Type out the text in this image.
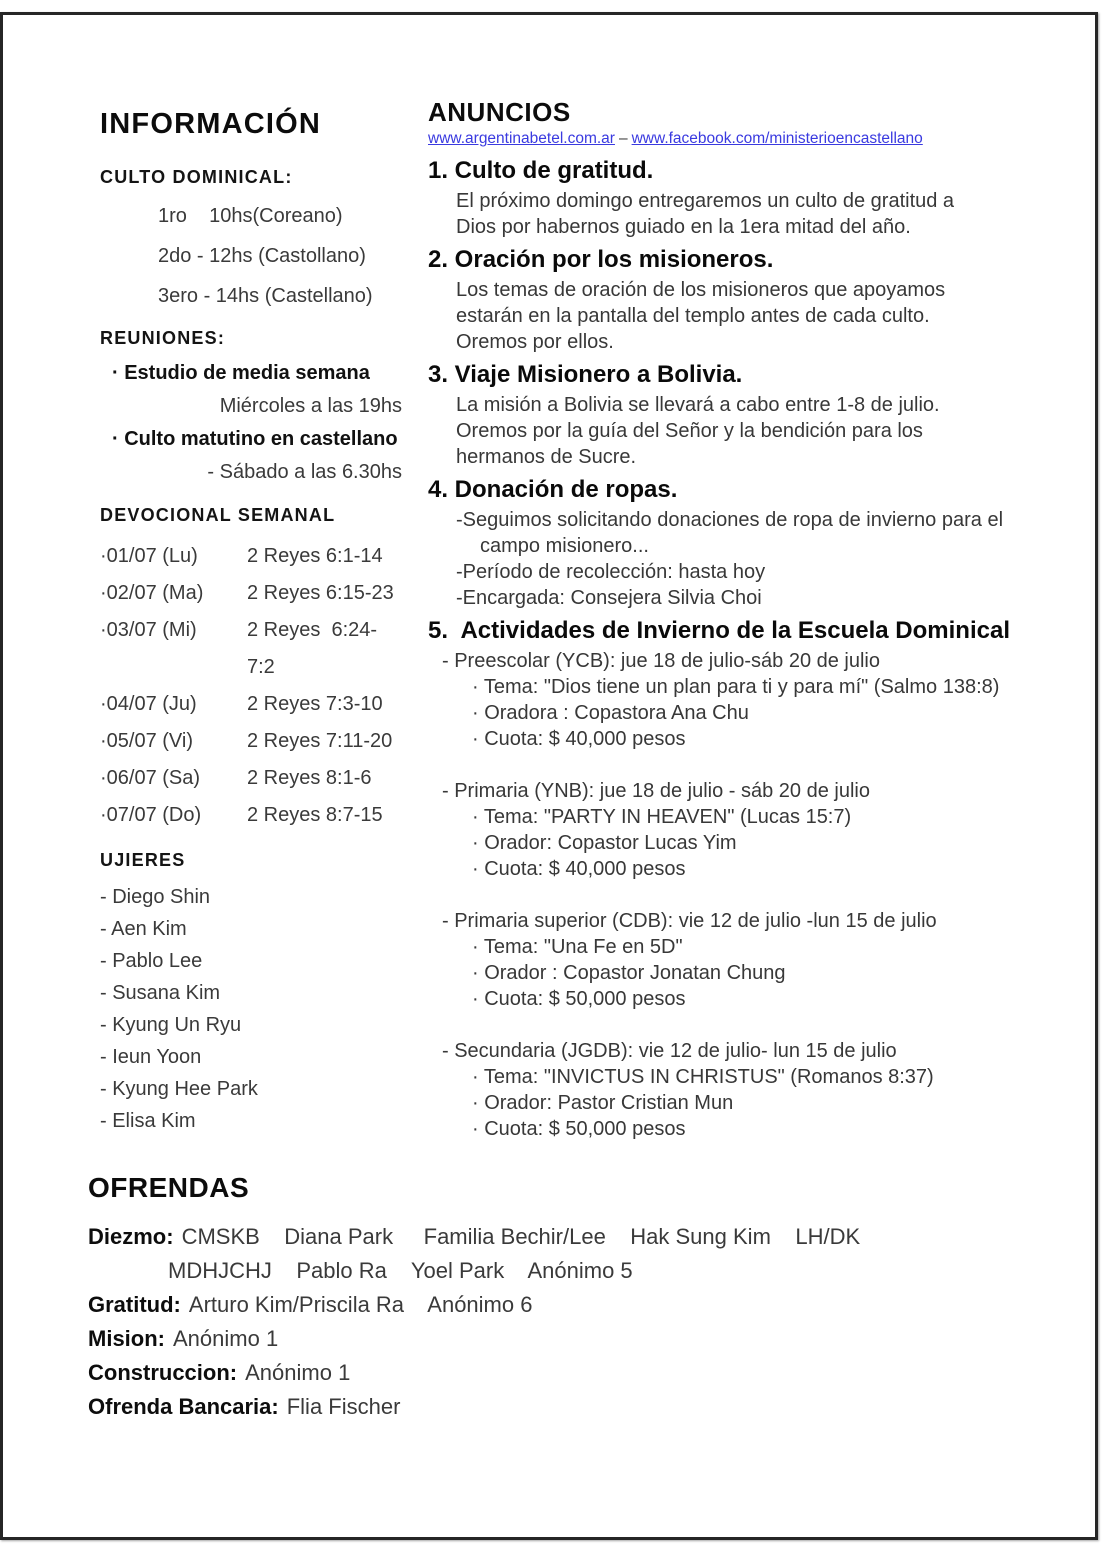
INFORMACIÓN
CULTO DOMINICAL:
1ro    10hs(Coreano)
2do - 12hs (Castollano)
3ero - 14hs (Castellano)
REUNIONES:
· Estudio de media semana
Miércoles a las 19hs
· Culto matutino en castellano
- Sábado a las 6.30hs
DEVOCIONAL SEMANAL
·01/07 (Lu)	2 Reyes 6:1-14
·02/07 (Ma)	2 Reyes 6:15-23
·03/07 (Mi)	2 Reyes  6:24-7:2
·04/07 (Ju)	2 Reyes 7:3-10
·05/07 (Vi)	2 Reyes 7:11-20
·06/07 (Sa)	2 Reyes 8:1-6
·07/07 (Do)	2 Reyes 8:7-15
UJIERES
- Diego Shin
- Aen Kim
- Pablo Lee
- Susana Kim
- Kyung Un Ryu
- Ieun Yoon
- Kyung Hee Park
- Elisa Kim
ANUNCIOS
www.argentinabetel.com.ar – www.facebook.com/ministerioencastellano
1. Culto de gratitud.
El próximo domingo entregaremos un culto de gratitud a
Dios por habernos guiado en la 1era mitad del año.
2. Oración por los misioneros.
Los temas de oración de los misioneros que apoyamos
estarán en la pantalla del templo antes de cada culto.
Oremos por ellos.
3. Viaje Misionero a Bolivia.
La misión a Bolivia se llevará a cabo entre 1-8 de julio.
Oremos por la guía del Señor y la bendición para los
hermanos de Sucre.
4. Donación de ropas.
-Seguimos solicitando donaciones de ropa de invierno para el campo misionero...
-Período de recolección: hasta hoy
-Encargada: Consejera Silvia Choi
5.  Actividades de Invierno de la Escuela Dominical
- Preescolar (YCB): jue 18 de julio-sáb 20 de julio
· Tema: "Dios tiene un plan para ti y para mí" (Salmo 138:8)
· Oradora : Copastora Ana Chu
· Cuota: $ 40,000 pesos
- Primaria (YNB): jue 18 de julio - sáb 20 de julio
· Tema: "PARTY IN HEAVEN" (Lucas 15:7)
· Orador: Copastor Lucas Yim
· Cuota: $ 40,000 pesos
- Primaria superior (CDB): vie 12 de julio -lun 15 de julio
· Tema: "Una Fe en 5D"
· Orador : Copastor Jonatan Chung
· Cuota: $ 50,000 pesos
- Secundaria (JGDB): vie 12 de julio- lun 15 de julio
· Tema: "INVICTUS IN CHRISTUS" (Romanos 8:37)
· Orador: Pastor Cristian Mun
· Cuota: $ 50,000 pesos
OFRENDAS
Diezmo: CMSKB    Diana Park     Familia Bechir/Lee    Hak Sung Kim    LH/DK
MDHJCHJ    Pablo Ra    Yoel Park    Anónimo 5
Gratitud: Arturo Kim/Priscila Ra    Anónimo 6
Mision: Anónimo 1
Construccion: Anónimo 1
Ofrenda Bancaria: Flia Fischer
